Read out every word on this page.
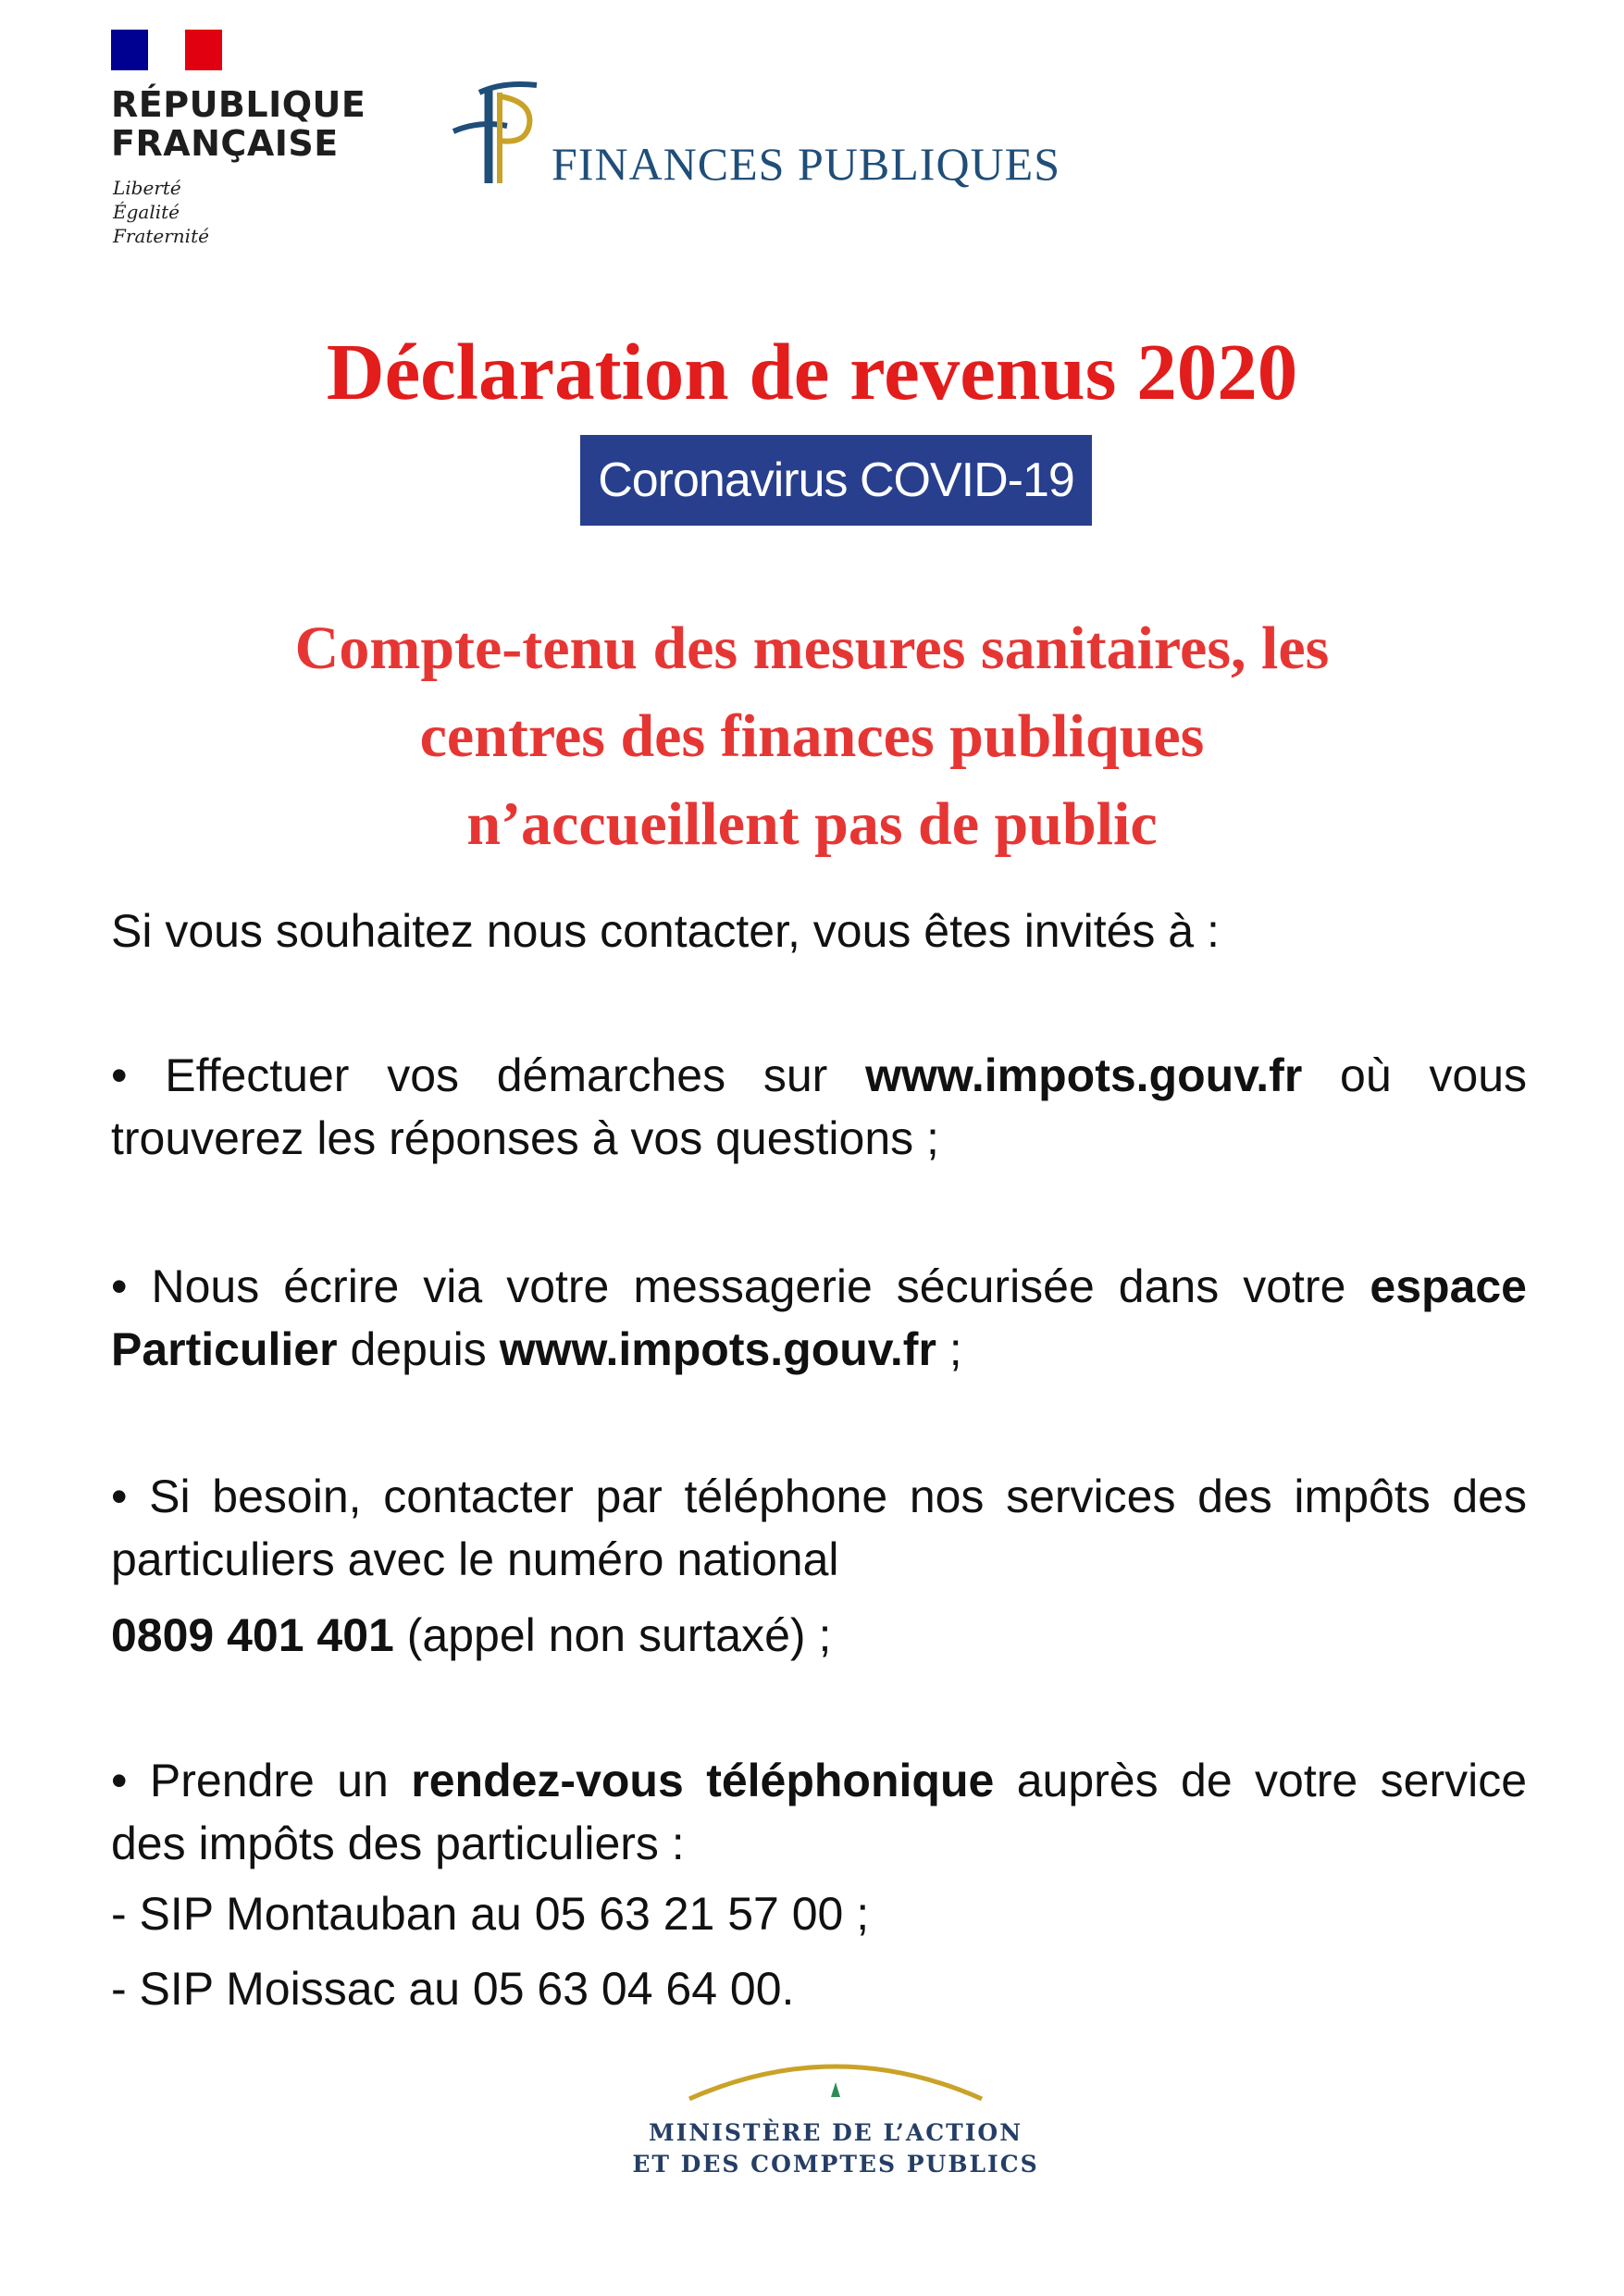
RÉPUBLIQUE
FRANÇAISE
Liberté
Égalité
Fraternité
FINANCES PUBLIQUES
Déclaration de revenus 2020
Coronavirus COVID-19
Compte-tenu des mesures sanitaires, les
centres des finances publiques
n’accueillent pas de public
Si vous souhaitez nous contacter, vous êtes invités à :
• Effectuer vos démarches sur www.impots.gouv.fr où vous trouverez les réponses à vos questions ;
• Nous écrire via votre messagerie sécurisée dans votre espace Particulier depuis www.impots.gouv.fr ;
• Si besoin, contacter par téléphone nos services des impôts des particuliers avec le numéro national
0809 401 401 (appel non surtaxé) ;
• Prendre un rendez-vous téléphonique auprès de votre service des impôts des particuliers :
- SIP Montauban au 05 63 21 57 00 ;
- SIP Moissac au 05 63 04 64 00.
MINISTÈRE DE L’ACTION
ET DES COMPTES PUBLICS
